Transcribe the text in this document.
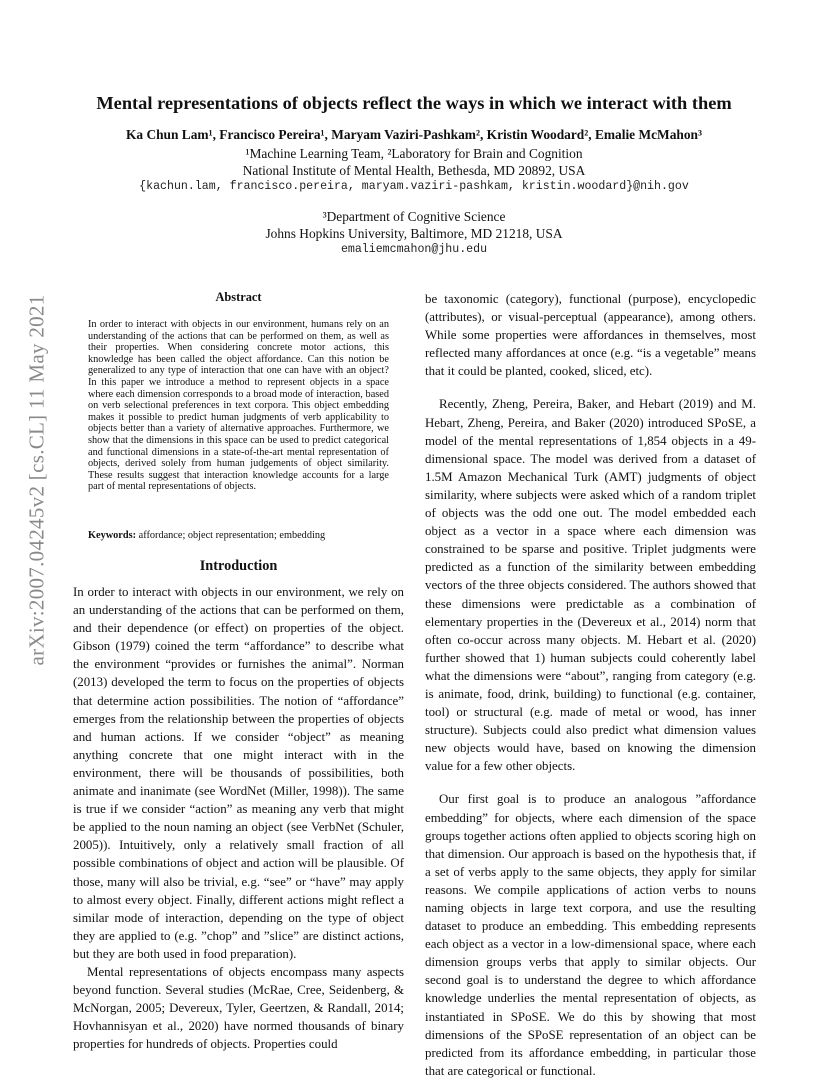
arXiv:2007.04245v2 [cs.CL] 11 May 2021
Mental representations of objects reflect the ways in which we interact with them
Ka Chun Lam¹, Francisco Pereira¹, Maryam Vaziri-Pashkam², Kristin Woodard², Emalie McMahon³
¹Machine Learning Team, ²Laboratory for Brain and Cognition
National Institute of Mental Health, Bethesda, MD 20892, USA
{kachun.lam, francisco.pereira, maryam.vaziri-pashkam, kristin.woodard}@nih.gov
³Department of Cognitive Science
Johns Hopkins University, Baltimore, MD 21218, USA
emaliemcmahon@jhu.edu
Abstract
In order to interact with objects in our environment, humans rely on an understanding of the actions that can be performed on them, as well as their properties. When considering concrete motor actions, this knowledge has been called the object affordance. Can this notion be generalized to any type of interaction that one can have with an object? In this paper we introduce a method to represent objects in a space where each dimension corresponds to a broad mode of interaction, based on verb selectional preferences in text corpora. This object embedding makes it possible to predict human judgments of verb applicability to objects better than a variety of alternative approaches. Furthermore, we show that the dimensions in this space can be used to predict categorical and functional dimensions in a state-of-the-art mental representation of objects, derived solely from human judgements of object similarity. These results suggest that interaction knowledge accounts for a large part of mental representations of objects.
Keywords: affordance; object representation; embedding
Introduction

In order to interact with objects in our environment, we rely on an understanding of the actions that can be performed on them, and their dependence (or effect) on properties of the object. Gibson (1979) coined the term “affordance” to describe what the environment “provides or furnishes the animal”. Norman (2013) developed the term to focus on the properties of objects that determine action possibilities. The notion of “affordance” emerges from the relationship between the properties of objects and human actions. If we consider “object” as meaning anything concrete that one might interact with in the environment, there will be thousands of possibilities, both animate and inanimate (see WordNet (Miller, 1998)). The same is true if we consider “action” as meaning any verb that might be applied to the noun naming an object (see VerbNet (Schuler, 2005)). Intuitively, only a relatively small fraction of all possible combinations of object and action will be plausible. Of those, many will also be trivial, e.g. “see” or “have” may apply to almost every object. Finally, different actions might reflect a similar mode of interaction, depending on the type of object they are applied to (e.g. ”chop” and ”slice” are distinct actions, but they are both used in food preparation).

Mental representations of objects encompass many aspects beyond function. Several studies (McRae, Cree, Seidenberg, & McNorgan, 2005; Devereux, Tyler, Geertzen, & Randall, 2014; Hovhannisyan et al., 2020) have normed thousands of binary properties for hundreds of objects. Properties could

be taxonomic (category), functional (purpose), encyclopedic (attributes), or visual-perceptual (appearance), among others. While some properties were affordances in themselves, most reflected many affordances at once (e.g. “is a vegetable” means that it could be planted, cooked, sliced, etc).

Recently, Zheng, Pereira, Baker, and Hebart (2019) and M. Hebart, Zheng, Pereira, and Baker (2020) introduced SPoSE, a model of the mental representations of 1,854 objects in a 49-dimensional space. The model was derived from a dataset of 1.5M Amazon Mechanical Turk (AMT) judgments of object similarity, where subjects were asked which of a random triplet of objects was the odd one out. The model embedded each object as a vector in a space where each dimension was constrained to be sparse and positive. Triplet judgments were predicted as a function of the similarity between embedding vectors of the three objects considered. The authors showed that these dimensions were predictable as a combination of elementary properties in the (Devereux et al., 2014) norm that often co-occur across many objects. M. Hebart et al. (2020) further showed that 1) human subjects could coherently label what the dimensions were “about”, ranging from category (e.g. is animate, food, drink, building) to functional (e.g. container, tool) or structural (e.g. made of metal or wood, has inner structure). Subjects could also predict what dimension values new objects would have, based on knowing the dimension value for a few other objects.

Our first goal is to produce an analogous ”affordance embedding” for objects, where each dimension of the space groups together actions often applied to objects scoring high on that dimension. Our approach is based on the hypothesis that, if a set of verbs apply to the same objects, they apply for similar reasons. We compile applications of action verbs to nouns naming objects in large text corpora, and use the resulting dataset to produce an embedding. This embedding represents each object as a vector in a low-dimensional space, where each dimension groups verbs that apply to similar objects. Our second goal is to understand the degree to which affordance knowledge underlies the mental representation of objects, as instantiated in SPoSE. We do this by showing that most dimensions of the SPoSE representation of an object can be predicted from its affordance embedding, in particular those that are categorical or functional.
